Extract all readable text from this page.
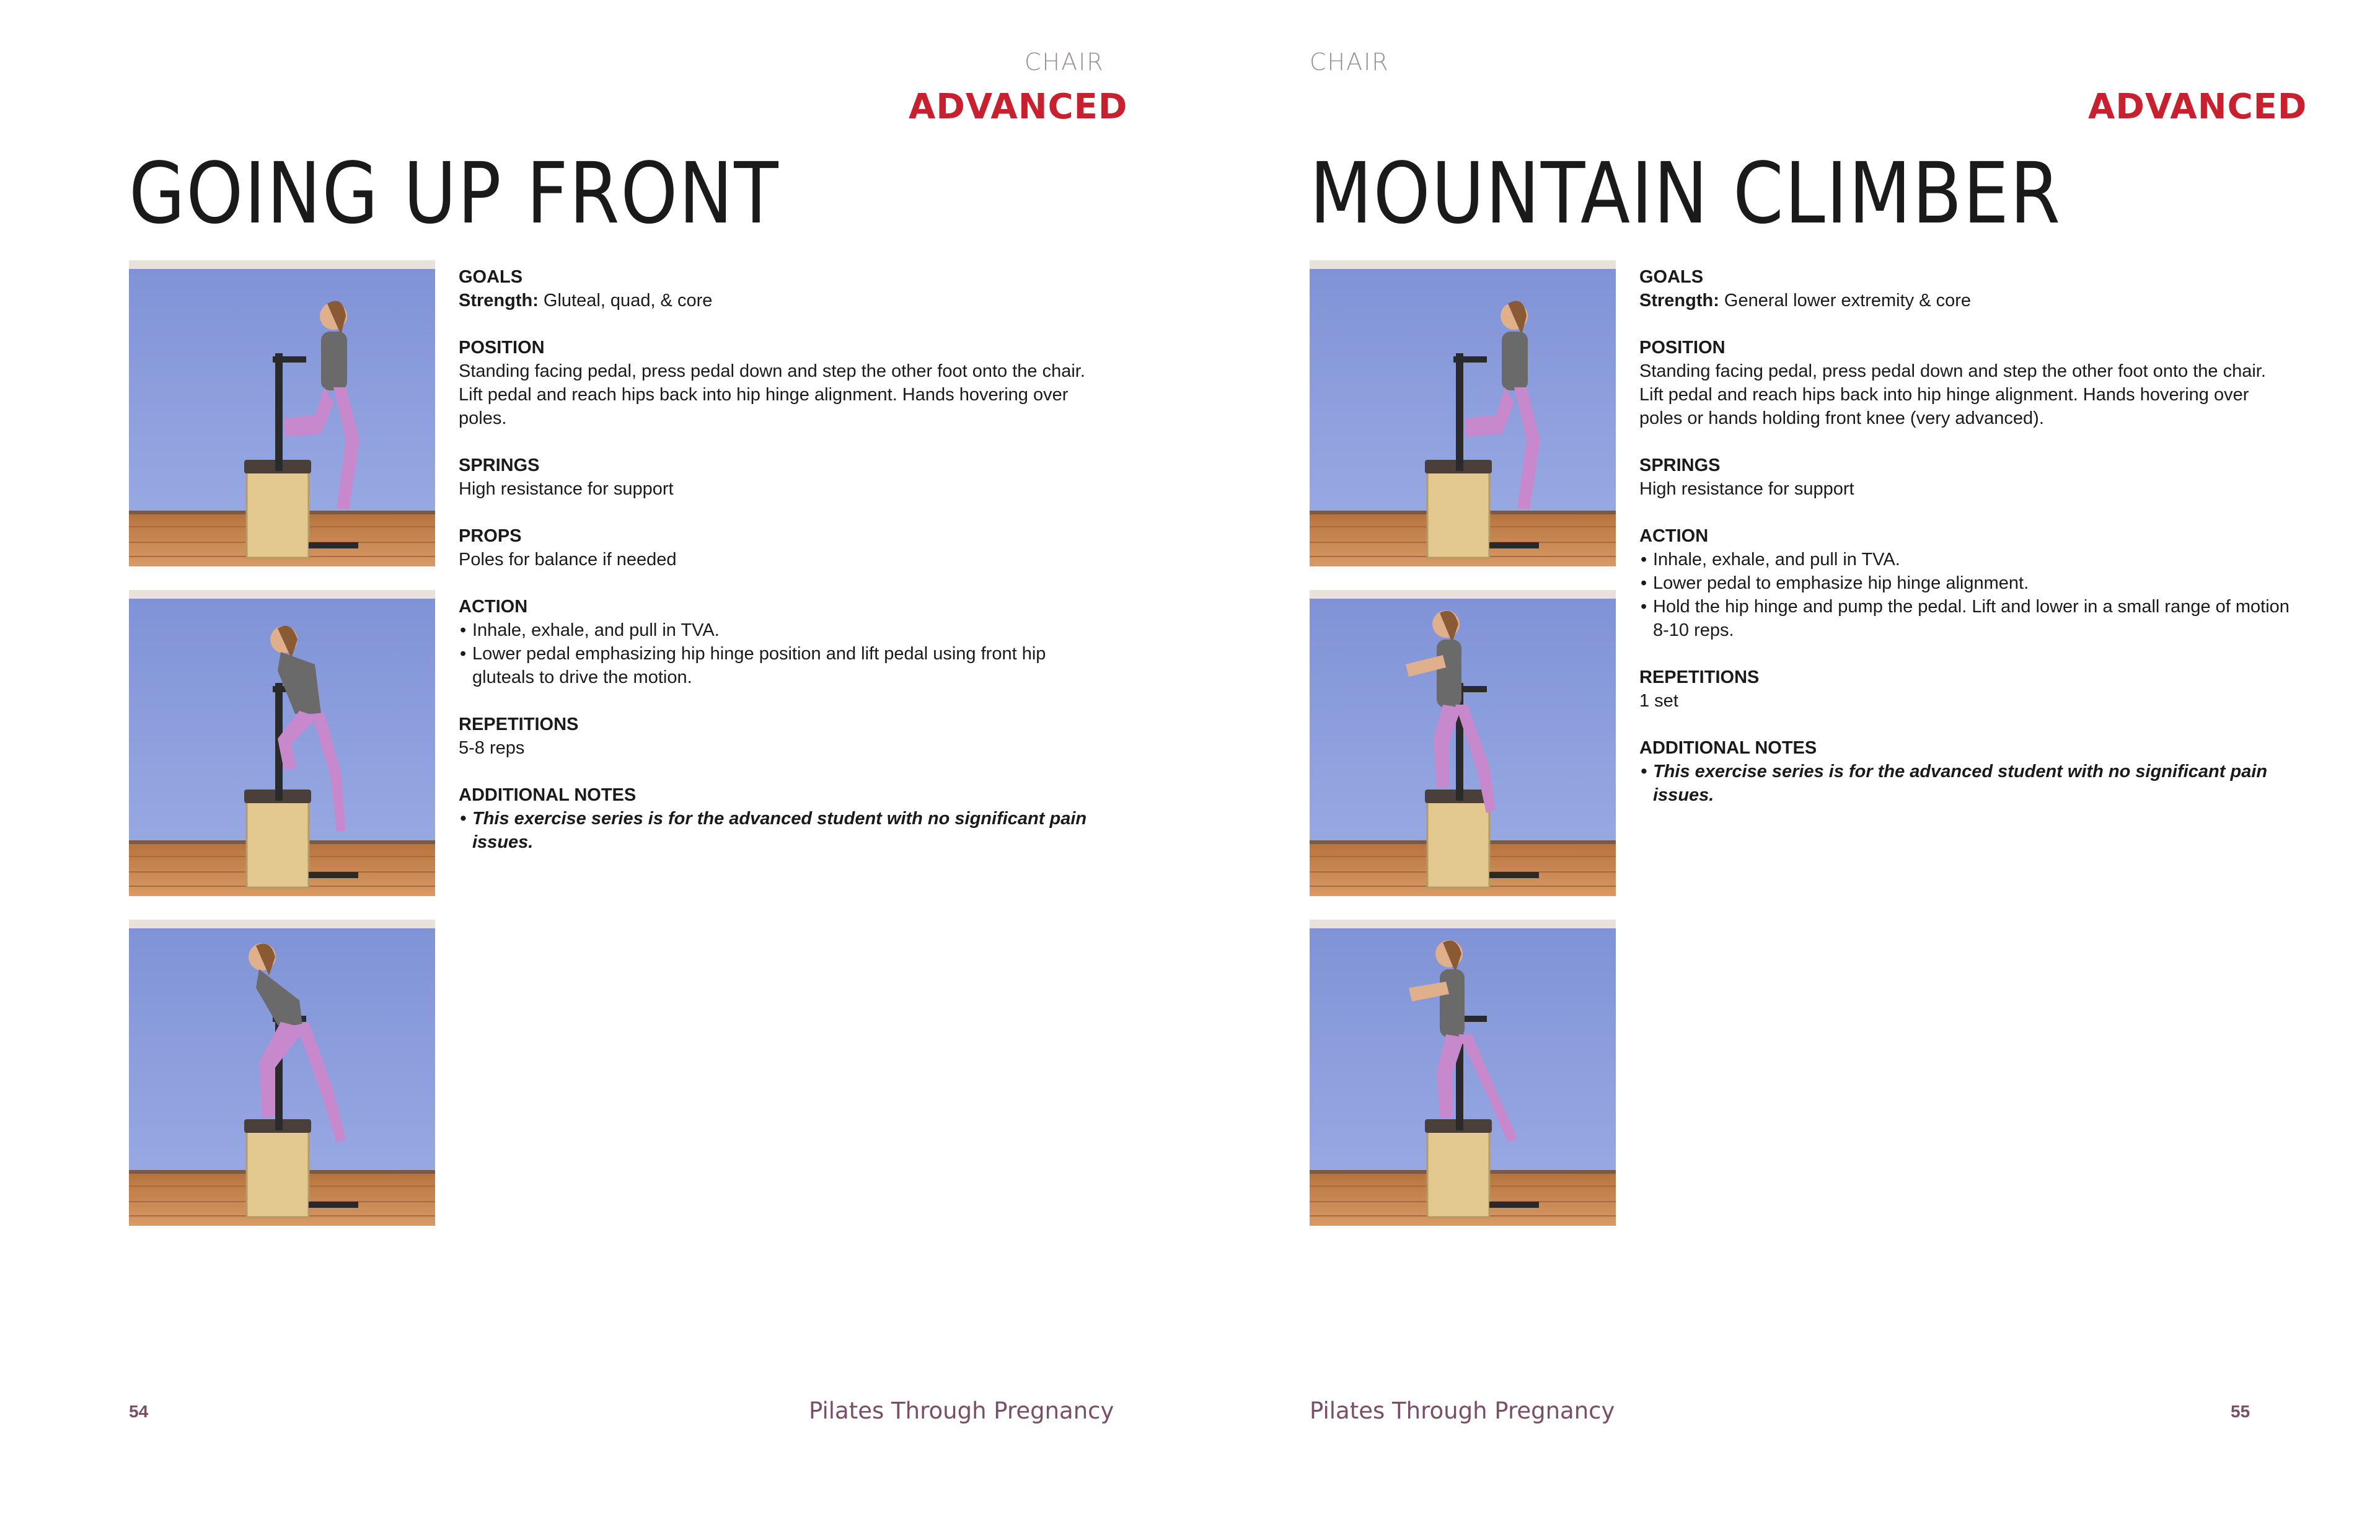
CHAIR
ADVANCED
GOING UP FRONT

GOALS

Strength: Gluteal, quad, & core

POSITION

Standing facing pedal, press pedal down and step the other foot onto the chair. Lift pedal and reach hips back into hip hinge alignment. Hands hovering over poles.

SPRINGS

High resistance for support

PROPS

Poles for balance if needed

ACTION

• Inhale, exhale, and pull in TVA.
• Lower pedal emphasizing hip hinge position and lift pedal using front hip gluteals to drive the motion.

REPETITIONS

5-8 reps

ADDITIONAL NOTES

• This exercise series is for the advanced student with no significant pain issues.
54	Pilates Through Pregnancy
CHAIR
ADVANCED
MOUNTAIN CLIMBER

GOALS

Strength: General lower extremity & core

POSITION

Standing facing pedal, press pedal down and step the other foot onto the chair. Lift pedal and reach hips back into hip hinge alignment. Hands hovering over poles or hands holding front knee (very advanced).

SPRINGS

High resistance for support

ACTION

• Inhale, exhale, and pull in TVA.
• Lower pedal to emphasize hip hinge alignment.
• Hold the hip hinge and pump the pedal. Lift and lower in a small range of motion 8-10 reps.

REPETITIONS

1 set

ADDITIONAL NOTES

• This exercise series is for the advanced student with no significant pain issues.
Pilates Through Pregnancy	55
